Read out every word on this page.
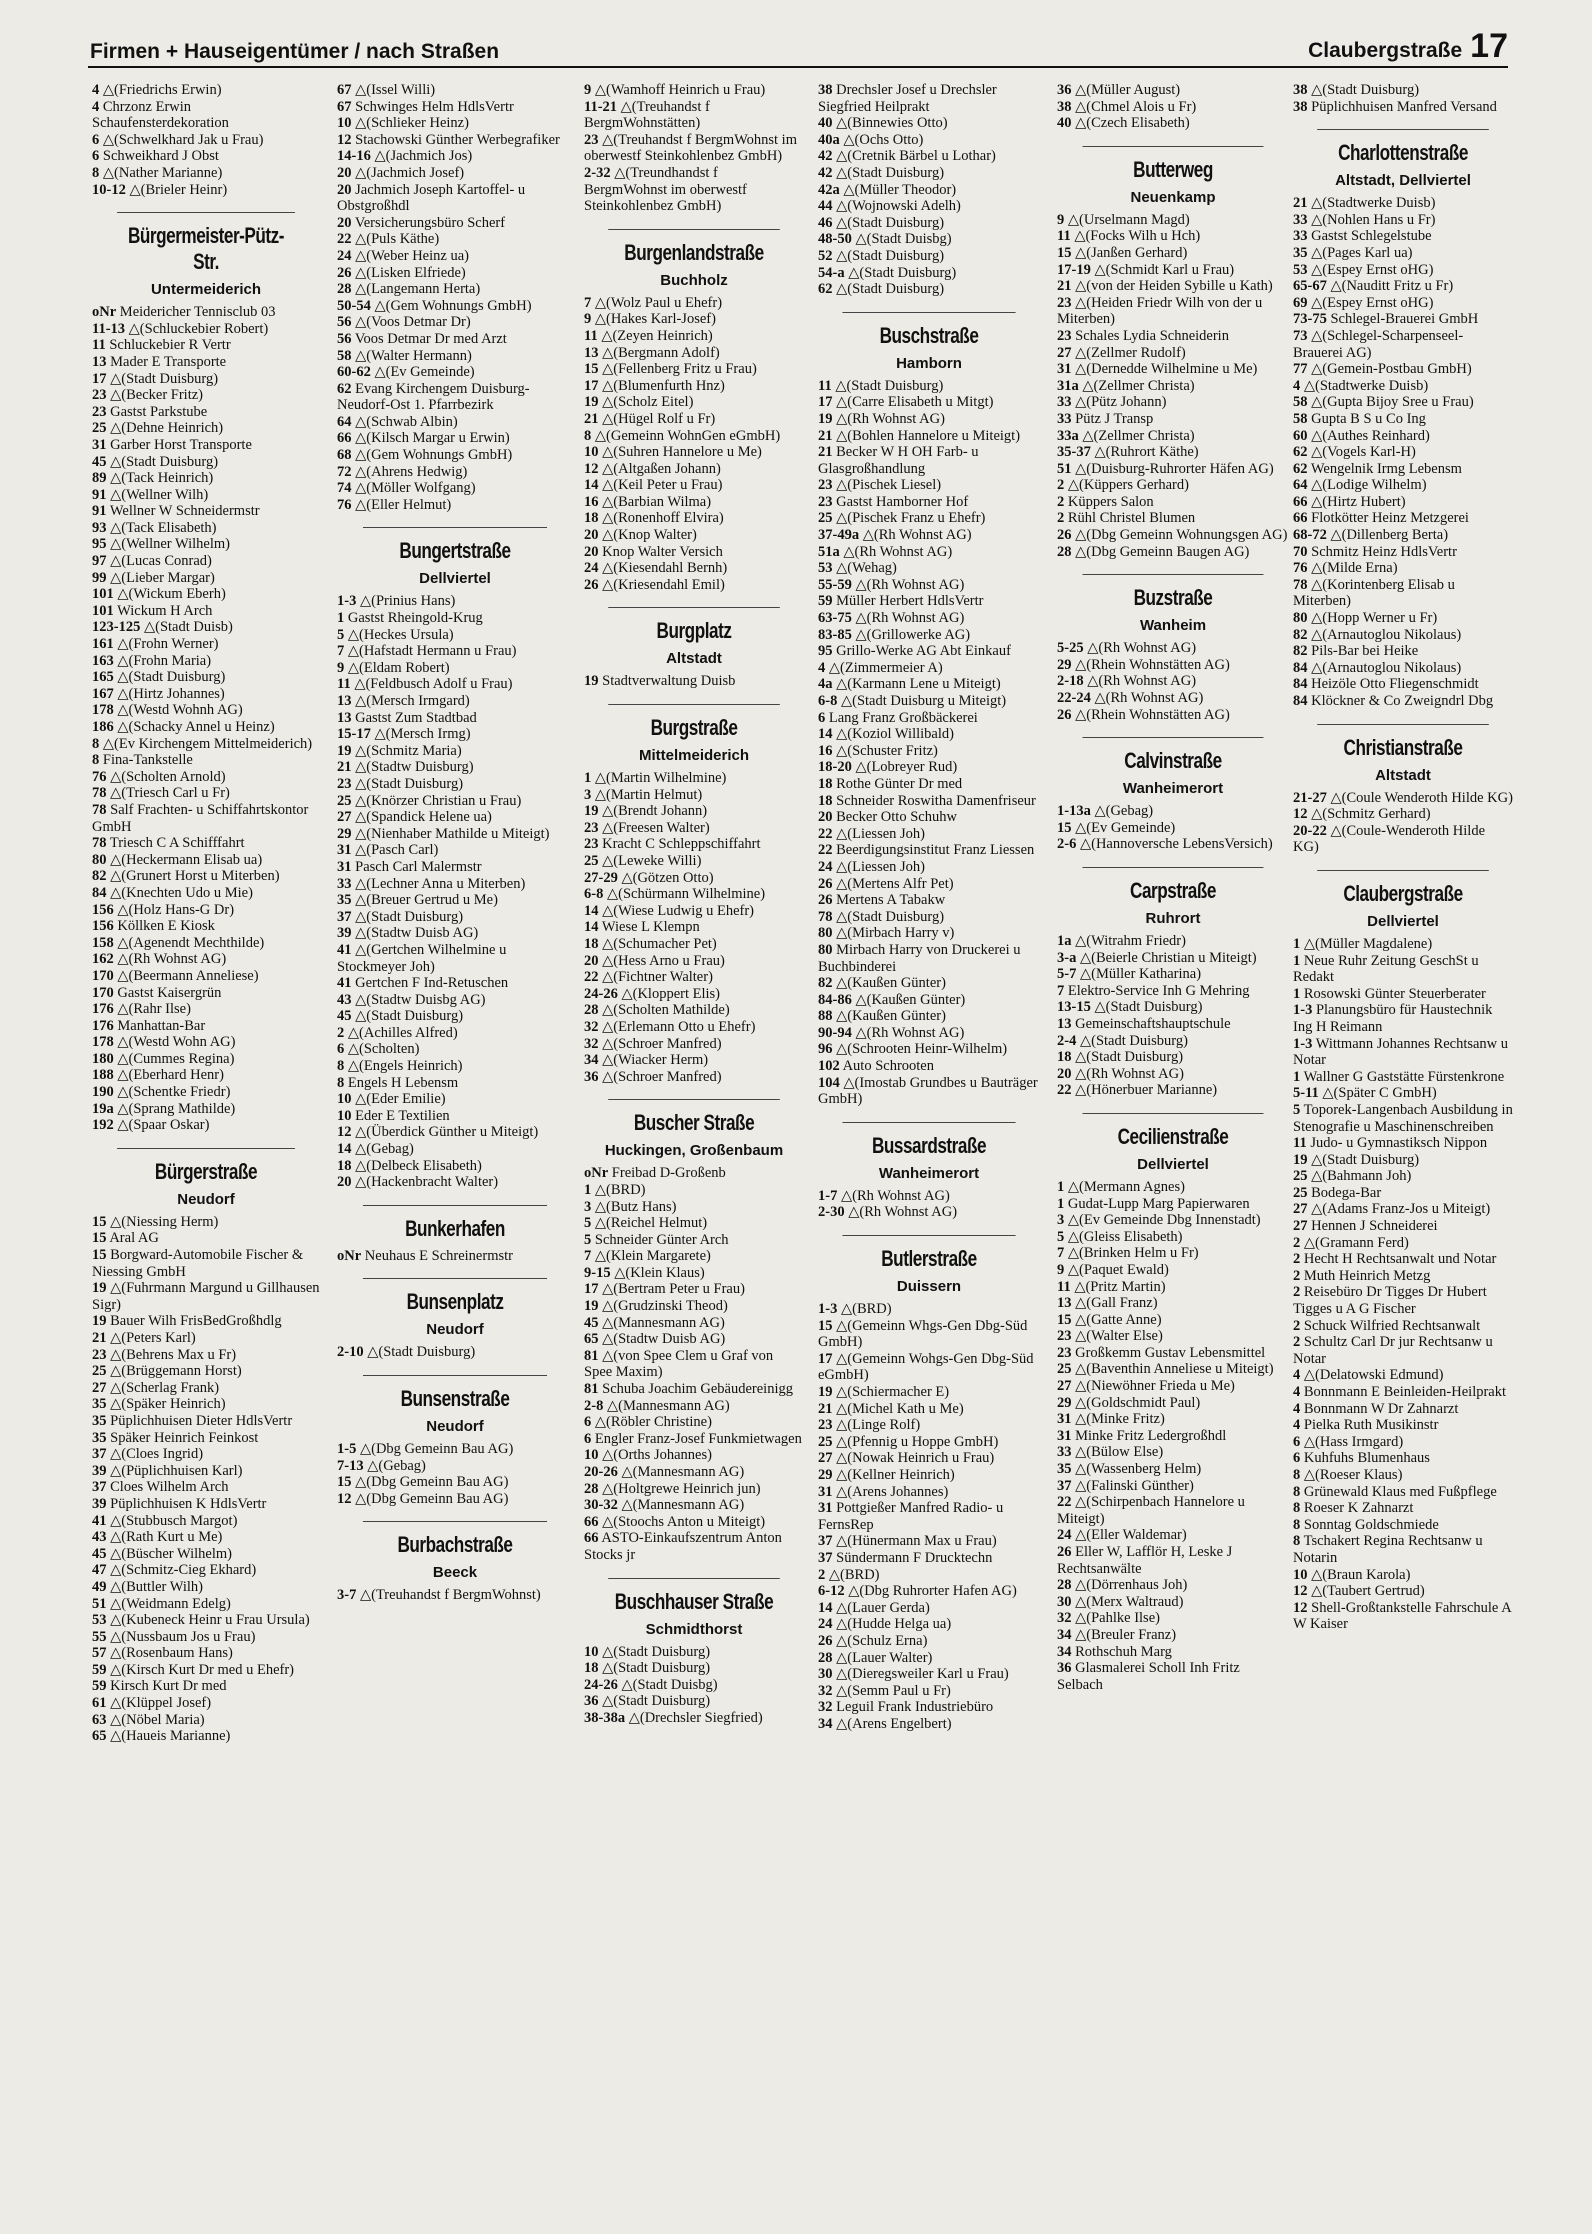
Firmen + Hauseigentümer / nach Straßen	Claubergstraße 17
4 △(Friedrichs Erwin)
4 Chrzonz Erwin Schaufensterdekoration
6 △(Schwelkhard Jak u Frau)
6 Schweikhard J Obst
8 △(Nather Marianne)
10-12 △(Brieler Heinr)
Bürgermeister-Pütz-Str.
Untermeiderich
oNr Meidericher Tennisclub 03
11-13 △(Schluckebier Robert)
11 Schluckebier R Vertr
13 Mader E Transporte
17 △(Stadt Duisburg)
23 △(Becker Fritz)
23 Gastst Parkstube
25 △(Dehne Heinrich)
31 Garber Horst Transporte
45 △(Stadt Duisburg)
89 △(Tack Heinrich)
91 △(Wellner Wilh)
91 Wellner W Schneidermstr
93 △(Tack Elisabeth)
95 △(Wellner Wilhelm)
97 △(Lucas Conrad)
99 △(Lieber Margar)
101 △(Wickum Eberh)
101 Wickum H Arch
123-125 △(Stadt Duisb)
161 △(Frohn Werner)
163 △(Frohn Maria)
165 △(Stadt Duisburg)
167 △(Hirtz Johannes)
178 △(Westd Wohnh AG)
186 △(Schacky Annel u Heinz)
8 △(Ev Kirchengem Mittelmeiderich)
8 Fina-Tankstelle
76 △(Scholten Arnold)
78 △(Triesch Carl u Fr)
78 Salf Frachten- u Schiffahrtskontor GmbH
78 Triesch C A Schifffahrt
80 △(Heckermann Elisab ua)
82 △(Grunert Horst u Miterben)
84 △(Knechten Udo u Mie)
156 △(Holz Hans-G Dr)
156 Köllken E Kiosk
158 △(Agenendt Mechthilde)
162 △(Rh Wohnst AG)
170 △(Beermann Anneliese)
170 Gastst Kaisergrün
176 △(Rahr Ilse)
176 Manhattan-Bar
178 △(Westd Wohn AG)
180 △(Cummes Regina)
188 △(Eberhard Henr)
190 △(Schentke Friedr)
19a △(Sprang Mathilde)
192 △(Spaar Oskar)
Bürgerstraße
Neudorf
15 △(Niessing Herm)
15 Aral AG
15 Borgward-Automobile Fischer & Niessing GmbH
19 △(Fuhrmann Margund u Gillhausen Sigr)
19 Bauer Wilh FrisBedGroßhdlg
21 △(Peters Karl)
23 △(Behrens Max u Fr)
25 △(Brüggemann Horst)
27 △(Scherlag Frank)
35 △(Späker Heinrich)
35 Püplichhuisen Dieter HdlsVertr
35 Späker Heinrich Feinkost
37 △(Cloes Ingrid)
39 △(Püplichhuisen Karl)
37 Cloes Wilhelm Arch
39 Püplichhuisen K HdlsVertr
41 △(Stubbusch Margot)
43 △(Rath Kurt u Me)
45 △(Büscher Wilhelm)
47 △(Schmitz-Cieg Ekhard)
49 △(Buttler Wilh)
51 △(Weidmann Edelg)
53 △(Kubeneck Heinr u Frau Ursula)
55 △(Nussbaum Jos u Frau)
57 △(Rosenbaum Hans)
59 △(Kirsch Kurt Dr med u Ehefr)
59 Kirsch Kurt Dr med
61 △(Klüppel Josef)
63 △(Nöbel Maria)
65 △(Haueis Marianne)
67 △(Issel Willi)
67 Schwinges Helm HdlsVertr
10 △(Schlieker Heinz)
12 Stachowski Günther Werbegrafiker
14-16 △(Jachmich Jos)
20 △(Jachmich Josef)
20 Jachmich Joseph Kartoffel- u Obstgroßhdl
20 Versicherungsbüro Scherf
22 △(Puls Käthe)
24 △(Weber Heinz ua)
26 △(Lisken Elfriede)
28 △(Langemann Herta)
50-54 △(Gem Wohnungs GmbH)
56 △(Voos Detmar Dr)
56 Voos Detmar Dr med Arzt
58 △(Walter Hermann)
60-62 △(Ev Gemeinde)
62 Evang Kirchengem Duisburg-Neudorf-Ost 1. Pfarrbezirk
64 △(Schwab Albin)
66 △(Kilsch Margar u Erwin)
68 △(Gem Wohnungs GmbH)
72 △(Ahrens Hedwig)
74 △(Möller Wolfgang)
76 △(Eller Helmut)
Bungertstraße
Dellviertel
1-3 △(Prinius Hans)
1 Gastst Rheingold-Krug
5 △(Heckes Ursula)
7 △(Hafstadt Hermann u Frau)
9 △(Eldam Robert)
11 △(Feldbusch Adolf u Frau)
13 △(Mersch Irmgard)
13 Gastst Zum Stadtbad
15-17 △(Mersch Irmg)
19 △(Schmitz Maria)
21 △(Stadtw Duisburg)
23 △(Stadt Duisburg)
25 △(Knörzer Christian u Frau)
27 △(Spandick Helene ua)
29 △(Nienhaber Mathilde u Miteigt)
31 △(Pasch Carl)
31 Pasch Carl Malermstr
33 △(Lechner Anna u Miterben)
35 △(Breuer Gertrud u Me)
37 △(Stadt Duisburg)
39 △(Stadtw Duisb AG)
41 △(Gertchen Wilhelmine u Stockmeyer Joh)
41 Gertchen F Ind-Retuschen
43 △(Stadtw Duisbg AG)
45 △(Stadt Duisburg)
2 △(Achilles Alfred)
6 △(Scholten)
8 △(Engels Heinrich)
8 Engels H Lebensm
10 △(Eder Emilie)
10 Eder E Textilien
12 △(Überdick Günther u Miteigt)
14 △(Gebag)
18 △(Delbeck Elisabeth)
20 △(Hackenbracht Walter)
Bunkerhafen
oNr Neuhaus E Schreinermstr
Bunsenplatz
Neudorf
2-10 △(Stadt Duisburg)
Bunsenstraße
Neudorf
1-5 △(Dbg Gemeinn Bau AG)
7-13 △(Gebag)
15 △(Dbg Gemeinn Bau AG)
12 △(Dbg Gemeinn Bau AG)
Burbachstraße
Beeck
3-7 △(Treuhandst f BergmWohnst)
9 △(Wamhoff Heinrich u Frau)
11-21 △(Treuhandst f BergmWohnstätten)
23 △(Treuhandst f BergmWohnst im oberwestf Steinkohlenbez GmbH)
2-32 △(Treundhandst f BergmWohnst im oberwestf Steinkohlenbez GmbH)
Burgenlandstraße
Buchholz
7 △(Wolz Paul u Ehefr)
9 △(Hakes Karl-Josef)
11 △(Zeyen Heinrich)
13 △(Bergmann Adolf)
15 △(Fellenberg Fritz u Frau)
17 △(Blumenfurth Hnz)
19 △(Scholz Eitel)
21 △(Hügel Rolf u Fr)
8 △(Gemeinn WohnGen eGmbH)
10 △(Suhren Hannelore u Me)
12 △(Altgaßen Johann)
14 △(Keil Peter u Frau)
16 △(Barbian Wilma)
18 △(Ronenhoff Elvira)
20 △(Knop Walter)
20 Knop Walter Versich
24 △(Kiesendahl Bernh)
26 △(Kriesendahl Emil)
Burgplatz
Altstadt
19 Stadtverwaltung Duisb
Burgstraße
Mittelmeiderich
1 △(Martin Wilhelmine)
3 △(Martin Helmut)
19 △(Brendt Johann)
23 △(Freesen Walter)
23 Kracht C Schleppschiffahrt
25 △(Leweke Willi)
27-29 △(Götzen Otto)
6-8 △(Schürmann Wilhelmine)
14 △(Wiese Ludwig u Ehefr)
14 Wiese L Klempn
18 △(Schumacher Pet)
20 △(Hess Arno u Frau)
22 △(Fichtner Walter)
24-26 △(Kloppert Elis)
28 △(Scholten Mathilde)
32 △(Erlemann Otto u Ehefr)
32 △(Schroer Manfred)
34 △(Wiacker Herm)
36 △(Schroer Manfred)
Buscher Straße
Huckingen, Großenbaum
oNr Freibad D-Großenb
1 △(BRD)
3 △(Butz Hans)
5 △(Reichel Helmut)
5 Schneider Günter Arch
7 △(Klein Margarete)
9-15 △(Klein Klaus)
17 △(Bertram Peter u Frau)
19 △(Grudzinski Theod)
45 △(Mannesmann AG)
65 △(Stadtw Duisb AG)
81 △(von Spee Clem u Graf von Spee Maxim)
81 Schuba Joachim Gebäudereinigg
2-8 △(Mannesmann AG)
6 △(Röbler Christine)
6 Engler Franz-Josef Funkmietwagen
10 △(Orths Johannes)
20-26 △(Mannesmann AG)
28 △(Holtgrewe Heinrich jun)
30-32 △(Mannesmann AG)
66 △(Stoochs Anton u Miteigt)
66 ASTO-Einkaufszentrum Anton Stocks jr
Buschhauser Straße
Schmidthorst
10 △(Stadt Duisburg)
18 △(Stadt Duisburg)
24-26 △(Stadt Duisbg)
36 △(Stadt Duisburg)
38-38a △(Drechsler Siegfried)
38 Drechsler Josef u Drechsler Siegfried Heilprakt
40 △(Binnewies Otto)
40a △(Ochs Otto)
42 △(Cretnik Bärbel u Lothar)
42 △(Stadt Duisburg)
42a △(Müller Theodor)
44 △(Wojnowski Adelh)
46 △(Stadt Duisburg)
48-50 △(Stadt Duisbg)
52 △(Stadt Duisburg)
54-a △(Stadt Duisburg)
62 △(Stadt Duisburg)
Buschstraße
Hamborn
11 △(Stadt Duisburg)
17 △(Carre Elisabeth u Mitgt)
19 △(Rh Wohnst AG)
21 △(Bohlen Hannelore u Miteigt)
21 Becker W H OH Farb- u Glasgroßhandlung
23 △(Pischek Liesel)
23 Gastst Hamborner Hof
25 △(Pischek Franz u Ehefr)
37-49a △(Rh Wohnst AG)
51a △(Rh Wohnst AG)
53 △(Wehag)
55-59 △(Rh Wohnst AG)
59 Müller Herbert HdlsVertr
63-75 △(Rh Wohnst AG)
83-85 △(Grillowerke AG)
95 Grillo-Werke AG Abt Einkauf
4 △(Zimmermeier A)
4a △(Karmann Lene u Miteigt)
6-8 △(Stadt Duisburg u Miteigt)
6 Lang Franz Großbäckerei
14 △(Koziol Willibald)
16 △(Schuster Fritz)
18-20 △(Lobreyer Rud)
18 Rothe Günter Dr med
18 Schneider Roswitha Damenfriseur
20 Becker Otto Schuhw
22 △(Liessen Joh)
22 Beerdigungsinstitut Franz Liessen
24 △(Liessen Joh)
26 △(Mertens Alfr Pet)
26 Mertens A Tabakw
78 △(Stadt Duisburg)
80 △(Mirbach Harry v)
80 Mirbach Harry von Druckerei u Buchbinderei
82 △(Kaußen Günter)
84-86 △(Kaußen Günter)
88 △(Kaußen Günter)
90-94 △(Rh Wohnst AG)
96 △(Schrooten Heinr-Wilhelm)
102 Auto Schrooten
104 △(Imostab Grundbes u Bauträger GmbH)
Bussardstraße
Wanheimerort
1-7 △(Rh Wohnst AG)
2-30 △(Rh Wohnst AG)
Butlerstraße
Duissern
1-3 △(BRD)
15 △(Gemeinn Whgs-Gen Dbg-Süd GmbH)
17 △(Gemeinn Wohgs-Gen Dbg-Süd eGmbH)
19 △(Schiermacher E)
21 △(Michel Kath u Me)
23 △(Linge Rolf)
25 △(Pfennig u Hoppe GmbH)
27 △(Nowak Heinrich u Frau)
29 △(Kellner Heinrich)
31 △(Arens Johannes)
31 Pottgießer Manfred Radio- u FernsRep
37 △(Hünermann Max u Frau)
37 Sündermann F Drucktechn
2 △(BRD)
6-12 △(Dbg Ruhrorter Hafen AG)
14 △(Lauer Gerda)
24 △(Hudde Helga ua)
26 △(Schulz Erna)
28 △(Lauer Walter)
30 △(Dieregsweiler Karl u Frau)
32 △(Semm Paul u Fr)
32 Leguil Frank Industriebüro
34 △(Arens Engelbert)
36 △(Müller August)
38 △(Chmel Alois u Fr)
40 △(Czech Elisabeth)
Butterweg
Neuenkamp
9 △(Urselmann Magd)
11 △(Focks Wilh u Hch)
15 △(Janßen Gerhard)
17-19 △(Schmidt Karl u Frau)
21 △(von der Heiden Sybille u Kath)
23 △(Heiden Friedr Wilh von der u Miterben)
23 Schales Lydia Schneiderin
27 △(Zellmer Rudolf)
31 △(Dernedde Wilhelmine u Me)
31a △(Zellmer Christa)
33 △(Pütz Johann)
33 Pütz J Transp
33a △(Zellmer Christa)
35-37 △(Ruhrort Käthe)
51 △(Duisburg-Ruhrorter Häfen AG)
2 △(Küppers Gerhard)
2 Küppers Salon
2 Rühl Christel Blumen
26 △(Dbg Gemeinn Wohnungsgen AG)
28 △(Dbg Gemeinn Baugen AG)
Buzstraße
Wanheim
5-25 △(Rh Wohnst AG)
29 △(Rhein Wohnstätten AG)
2-18 △(Rh Wohnst AG)
22-24 △(Rh Wohnst AG)
26 △(Rhein Wohnstätten AG)
Calvinstraße
Wanheimerort
1-13a △(Gebag)
15 △(Ev Gemeinde)
2-6 △(Hannoversche LebensVersich)
Carpstraße
Ruhrort
1a △(Witrahm Friedr)
3-a △(Beierle Christian u Miteigt)
5-7 △(Müller Katharina)
7 Elektro-Service Inh G Mehring
13-15 △(Stadt Duisburg)
13 Gemeinschaftshauptschule
2-4 △(Stadt Duisburg)
18 △(Stadt Duisburg)
20 △(Rh Wohnst AG)
22 △(Hönerbuer Marianne)
Cecilienstraße
Dellviertel
1 △(Mermann Agnes)
1 Gudat-Lupp Marg Papierwaren
3 △(Ev Gemeinde Dbg Innenstadt)
5 △(Gleiss Elisabeth)
7 △(Brinken Helm u Fr)
9 △(Paquet Ewald)
11 △(Pritz Martin)
13 △(Gall Franz)
15 △(Gatte Anne)
23 △(Walter Else)
23 Großkemm Gustav Lebensmittel
25 △(Baventhin Anneliese u Miteigt)
27 △(Niewöhner Frieda u Me)
29 △(Goldschmidt Paul)
31 △(Minke Fritz)
31 Minke Fritz Ledergroßhdl
33 △(Bülow Else)
35 △(Wassenberg Helm)
37 △(Falinski Günther)
22 △(Schirpenbach Hannelore u Miteigt)
24 △(Eller Waldemar)
26 Eller W, Lafflör H, Leske J Rechtsanwälte
28 △(Dörrenhaus Joh)
30 △(Merx Waltraud)
32 △(Pahlke Ilse)
34 △(Breuler Franz)
34 Rothschuh Marg
36 Glasmalerei Scholl Inh Fritz Selbach
38 △(Stadt Duisburg)
38 Püplichhuisen Manfred Versand
Charlottenstraße
Altstadt, Dellviertel
21 △(Stadtwerke Duisb)
33 △(Nohlen Hans u Fr)
33 Gastst Schlegelstube
35 △(Pages Karl ua)
53 △(Espey Ernst oHG)
65-67 △(Nauditt Fritz u Fr)
69 △(Espey Ernst oHG)
73-75 Schlegel-Brauerei GmbH
73 △(Schlegel-Scharpenseel-Brauerei AG)
77 △(Gemein-Postbau GmbH)
4 △(Stadtwerke Duisb)
58 △(Gupta Bijoy Sree u Frau)
58 Gupta B S u Co Ing
60 △(Authes Reinhard)
62 △(Vogels Karl-H)
62 Wengelnik Irmg Lebensm
64 △(Lodige Wilhelm)
66 △(Hirtz Hubert)
66 Flotkötter Heinz Metzgerei
68-72 △(Dillenberg Berta)
70 Schmitz Heinz HdlsVertr
76 △(Milde Erna)
78 △(Korintenberg Elisab u Miterben)
80 △(Hopp Werner u Fr)
82 △(Arnautoglou Nikolaus)
82 Pils-Bar bei Heike
84 △(Arnautoglou Nikolaus)
84 Heizöle Otto Fliegenschmidt
84 Klöckner & Co Zweigndrl Dbg
Christianstraße
Altstadt
21-27 △(Coule Wenderoth Hilde KG)
12 △(Schmitz Gerhard)
20-22 △(Coule-Wenderoth Hilde KG)
Claubergstraße
Dellviertel
1 △(Müller Magdalene)
1 Neue Ruhr Zeitung GeschSt u Redakt
1 Rosowski Günter Steuerberater
1-3 Planungsbüro für Haustechnik Ing H Reimann
1-3 Wittmann Johannes Rechtsanw u Notar
1 Wallner G Gaststätte Fürstenkrone
5-11 △(Später C GmbH)
5 Toporek-Langenbach Ausbildung in Stenografie u Maschinenschreiben
11 Judo- u Gymnastiksch Nippon
19 △(Stadt Duisburg)
25 △(Bahmann Joh)
25 Bodega-Bar
27 △(Adams Franz-Jos u Miteigt)
27 Hennen J Schneiderei
2 △(Gramann Ferd)
2 Hecht H Rechtsanwalt und Notar
2 Muth Heinrich Metzg
2 Reisebüro Dr Tigges Dr Hubert Tigges u A G Fischer
2 Schuck Wilfried Rechtsanwalt
2 Schultz Carl Dr jur Rechtsanw u Notar
4 △(Delatowski Edmund)
4 Bonnmann E Beinleiden-Heilprakt
4 Bonnmann W Dr Zahnarzt
4 Pielka Ruth Musikinstr
6 △(Hass Irmgard)
6 Kuhfuhs Blumenhaus
8 △(Roeser Klaus)
8 Grünewald Klaus med Fußpflege
8 Roeser K Zahnarzt
8 Sonntag Goldschmiede
8 Tschakert Regina Rechtsanw u Notarin
10 △(Braun Karola)
12 △(Taubert Gertrud)
12 Shell-Großtankstelle Fahrschule A W Kaiser
